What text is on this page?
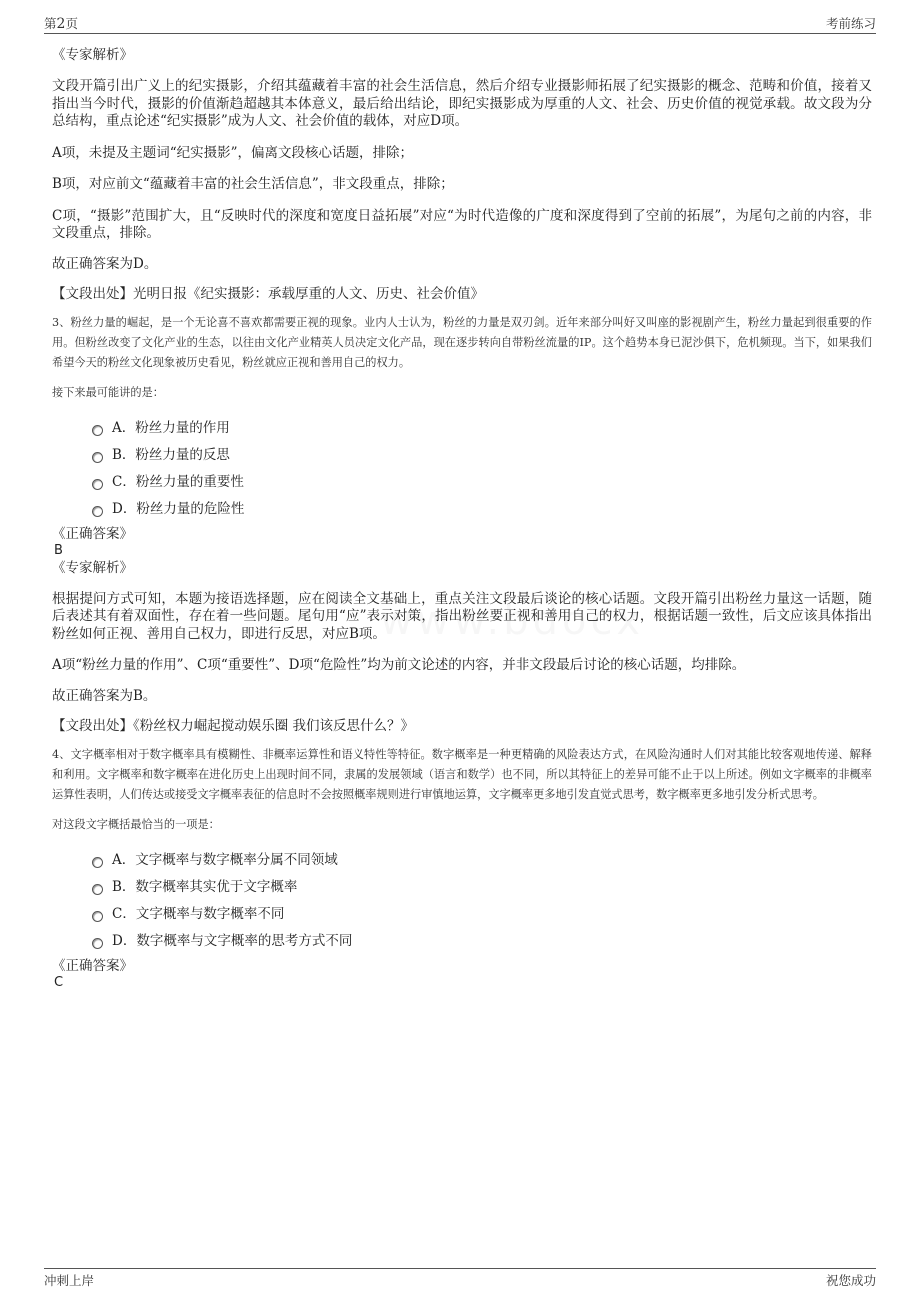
第2页	考前练习

《专家解析》

文段开篇引出广义上的纪实摄影，介绍其蕴藏着丰富的社会生活信息，然后介绍专业摄影师拓展了纪实摄影的概念、范畴和价值，接着又指出当今时代，摄影的价值渐趋超越其本体意义，最后给出结论，即纪实摄影成为厚重的人文、社会、历史价值的视觉承载。故文段为分总结构，重点论述“纪实摄影”成为人文、社会价值的载体，对应D项。

A项，未提及主题词“纪实摄影”，偏离文段核心话题，排除；

B项，对应前文“蕴藏着丰富的社会生活信息”，非文段重点，排除；

C项，“摄影”范围扩大，且“反映时代的深度和宽度日益拓展”对应“为时代造像的广度和深度得到了空前的拓展”，为尾句之前的内容，非文段重点，排除。

故正确答案为D。

【文段出处】光明日报《纪实摄影：承载厚重的人文、历史、社会价值》

3、粉丝力量的崛起，是一个无论喜不喜欢都需要正视的现象。业内人士认为，粉丝的力量是双刃剑。近年来部分叫好又叫座的影视剧产生，粉丝力量起到很重要的作用。但粉丝改变了文化产业的生态，以往由文化产业精英人员决定文化产品，现在逐步转向自带粉丝流量的IP。这个趋势本身已泥沙俱下，危机频现。当下，如果我们希望今天的粉丝文化现象被历史看见，粉丝就应正视和善用自己的权力。

接下来最可能讲的是：

A．粉丝力量的作用
B．粉丝力量的反思
C．粉丝力量的重要性
D．粉丝力量的危险性

《正确答案》

B

《专家解析》

根据提问方式可知，本题为接语选择题，应在阅读全文基础上，重点关注文段最后谈论的核心话题。文段开篇引出粉丝力量这一话题，随后表述其有着双面性，存在着一些问题。尾句用“应”表示对策，指出粉丝要正视和善用自己的权力，根据话题一致性，后文应该具体指出粉丝如何正视、善用自己权力，即进行反思，对应B项。

A项“粉丝力量的作用”、C项“重要性”、D项“危险性”均为前文论述的内容，并非文段最后讨论的核心话题，均排除。

故正确答案为B。

【文段出处】《粉丝权力崛起搅动娱乐圈 我们该反思什么？》

4、文字概率相对于数字概率具有模糊性、非概率运算性和语义特性等特征。数字概率是一种更精确的风险表达方式，在风险沟通时人们对其能比较客观地传递、解释和利用。文字概率和数字概率在进化历史上出现时间不同，隶属的发展领域（语言和数学）也不同，所以其特征上的差异可能不止于以上所述。例如文字概率的非概率运算性表明，人们传达或接受文字概率表征的信息时不会按照概率规则进行审慎地运算，文字概率更多地引发直觉式思考，数字概率更多地引发分析式思考。

对这段文字概括最恰当的一项是：

A．文字概率与数字概率分属不同领域
B．数字概率其实优于文字概率
C．文字概率与数字概率不同
D．数字概率与文字概率的思考方式不同

《正确答案》

C

冲刺上岸	祝您成功
